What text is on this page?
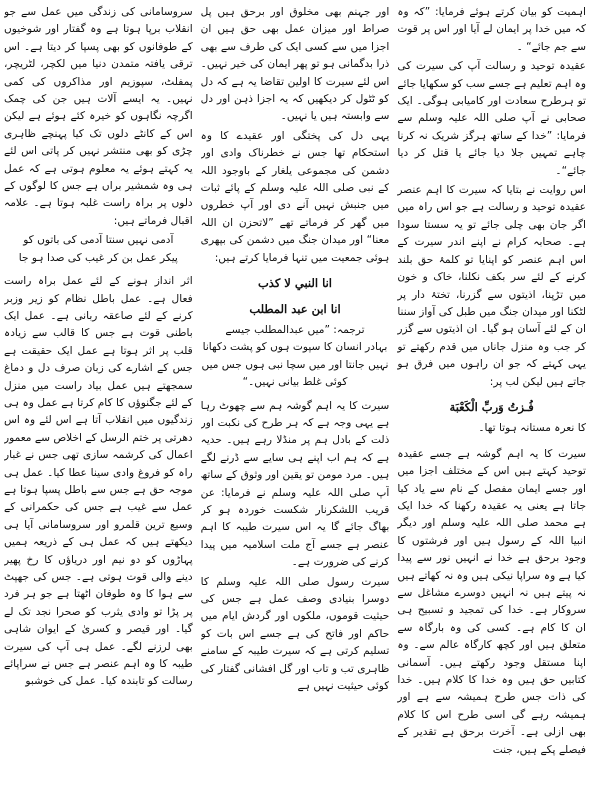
اہمیت کو بیان کرتے ہوئے فرمایا: ”کہ وہ کہ میں خدا پر ایمان لے آیا اور اس پر قوت سے جم جائے“ ۔

عقیدہ توحید و رسالت آپ کی سیرت کی وہ اہم تعلیم ہے جسے سب کو سکھایا جائے تو ہرطرح سعادت اور کامیابی ہوگی۔ ایک صحابی نے آپ صلی اللہ علیہ وسلم سے فرمایا: ”خدا کے ساتھ ہرگز شریک نہ کرنا چاہے تمہیں جلا دیا جائے یا قتل کر دیا جائے“۔

اس روایت نے بتایا کہ سیرت کا اہم عنصر عقیدہ توحید و رسالت ہے جو اس راہ میں اگر جان بھی چلی جائے تو یہ سستا سودا ہے۔ صحابہ کرام نے اپنے اندر سیرت کے اس اہم عنصر کو اپنایا تو کلمۂ حق بلند کرنے کے لئے سر بکف نکلنا، خاک و خون میں تڑپنا، اذیتوں سے گزرنا، تختۂ دار پر لٹکنا اور میدان جنگ میں طبل کی آواز سننا ان کے لئے آسان ہو گیا۔ ان اذیتوں سے گزر کر جب وہ منزل جاناں میں قدم رکھتے تو یہی کہتے کہ جو ان راہوں میں فرق ہو جاتے ہیں لیکن لب پر:

فُـزتُ وَربِّ الْكَعْبَة

کا نعرہ مستانہ ہوتا تھا۔

سیرت کا یہ اہم گوشہ ہے جسے عقیدہ توحید کہتے ہیں اس کے مختلف اجزا میں اور جسے ایمان مفصل کے نام سے یاد کیا جاتا ہے یعنی یہ عقیدہ رکھنا کہ خدا ایک ہے محمد صلی اللہ علیہ وسلم اور دیگر انبیا اللہ کے رسول ہیں اور فرشتوں کا وجود برحق ہے خدا نے انہیں نور سے پیدا کیا ہے وہ سراپا نیکی ہیں وہ نہ کھاتے ہیں نہ پیتے ہیں نہ انہیں دوسرے مشاغل سے سروکار ہے۔ خدا کی تمجید و تسبیح ہی ان کا کام ہے۔ کسی کی وہ بارگاہ سے متعلق ہیں اور کچھ کارگاہ عالم سے۔ وہ اپنا مستقل وجود رکھتے ہیں۔ آسمانی کتابیں حق ہیں وہ خدا کا کلام ہیں۔ خدا کی ذات جس طرح ہمیشہ سے ہے اور ہمیشہ رہے گی اسی طرح اس کا کلام بھی ازلی ہے۔ آخرت برحق ہے تقدیر کے فیصلے پکے ہیں، جنت

اور جہنم بھی مخلوق اور برحق ہیں پل صراط اور میزان عمل بھی حق ہیں ان اجزا میں سے کسی ایک کی طرف سے بھی ذرا بدگمانی ہو تو پھر ایمان کی خیر نہیں۔ اس لئے سیرت کا اولین تقاضا یہ ہے کہ دل کو ٹٹول کر دیکھیں کہ یہ اجزا ذہن اور دل سے وابستہ ہیں یا نہیں۔

یہی دل کی پختگی اور عقیدے کا وہ استحکام تھا جس نے خطرناک وادی اور دشمن کی مجموعی یلغار کے باوجود اللہ کے نبی صلی اللہ علیہ وسلم کے پائے ثبات میں جنبش نہیں آنے دی اور آپ خطروں میں گھر کر فرماتے تھے ”لاتحزن ان اللہ معنا“ اور میدان جنگ میں دشمن کی بپھری ہوئی جمعیت میں تنہا فرمایا کرتے ہیں:

انا النبي لا كذب

انا ابن عبد المطلب

ترجمہ: ”میں عبدالمطلب جیسے

بہادر انسان کا سپوت ہوں کو پشت دکھانا

نہیں جانتا اور میں سچا نبی ہوں جس میں

کوئی غلط بیانی نہیں۔“

سیرت کا یہ اہم گوشہ ہم سے چھوٹ رہا ہے یہی وجہ ہے کہ ہر طرح کی نکبت اور ذلت کے بادل ہم پر منڈلا رہے ہیں۔ حدیہ ہے کہ ہم اب اپنے ہی سایے سے ڈرنے لگے ہیں۔ مرد مومن تو یقین اور وثوق کے ساتھ آپ صلی اللہ علیہ وسلم نے فرمایا: عن قریب اللشکرنار شکست خوردہ ہو کر بھاگ جائے گا یہ اس سیرت طیبہ کا اہم عنصر ہے جسے آج ملت اسلامیہ میں پیدا کرنے کی ضرورت ہے۔

سیرت رسول صلی اللہ علیہ وسلم کا دوسرا بنیادی وصف عمل ہے جس کی حیثیت قوموں، ملکوں اور گردش ایام میں حاکم اور فاتح کی ہے جسے اس بات کو تسلیم کرتی ہے کہ سیرت طیبہ کے سامنے ظاہری تب و تاب اور گل افشانی گفتار کی کوئی حیثیت نہیں ہے

سروسامانی کی زندگی میں عمل سے جو انقلاب برپا ہوتا ہے وہ گفتار اور شوخیوں کے طوفانوں کو بھی پسپا کر دیتا ہے۔ اس ترقی یافتہ متمدن دنیا میں لکچر، لٹریچر، پمفلٹ، سپوزیم اور مذاکروں کی کمی نہیں۔ یہ ایسے آلات ہیں جن کی چمک اگرچہ نگاہوں کو خیرہ کئے ہوئے ہے لیکن اس کے کانٹے دلوں تک کیا پہنچے ظاہری چڑی کو بھی منتشر نہیں کر پاتی اس لئے یہ کہتے ہوئے یہ معلوم ہوتی ہے کہ عمل ہی وہ شمشیر براں ہے جس کا لوگوں کے دلوں پر براہ راست غلبہ ہوتا ہے۔ علامہ اقبال فرماتے ہیں:

آدمی نہیں سنتا آدمی کی باتوں کو

پیکر عمل بن کر غیب کی صدا ہو جا

اثر انداز ہونے کے لئے عمل براہ راست فعال ہے۔ عمل باطل نظام کو زیر وزبر کرنے کے لئے صاعقہ ربانی ہے۔ عمل ایک باطنی قوت ہے جس کا قالب سے زیادہ قلب پر اثر ہوتا ہے عمل ایک حقیقت ہے جس کے اشارے کی زبان صرف دل و دماغ سمجھتے ہیں عمل بیاد راست میں منزل کے لئے جگنوؤں کا کام کرتا ہے عمل وہ ہی زندگیوں میں انقلاب آتا ہے اس لئے وہ اس دھرتی پر ختم الرسل کے اخلاص سے معمور اعمال کی کرشمہ سازی تھی جس نے غبار راہ کو فروغ وادی سینا عطا کیا۔ عمل ہی موجہ حق ہے جس سے باطل پسپا ہوتا ہے عمل سے غیب ہے جس کی حکمرانی کے وسیع ترین قلمرو اور سروسامانی آیا ہی دیکھتے ہیں کہ عمل ہی کے ذریعہ ہمیں پہاڑوں کو دو نیم اور دریاؤں کا رخ پھیر دینے والی قوت ہوتی ہے۔ جس کی جھپٹ سے ہوا کا وہ طوفان اٹھتا ہے جو ہر فرد پر پڑا تو وادی یثرب کو صحرا نجد تک لے گیا۔ اور قیصر و کسریٰ کے ایوان شاہی بھی لرزنے لگے۔ عمل ہی آپ کی سیرت طیبہ کا وہ اہم عنصر ہے جس نے سراپائے رسالت کو تابندہ کیا۔ عمل کی خوشبو
